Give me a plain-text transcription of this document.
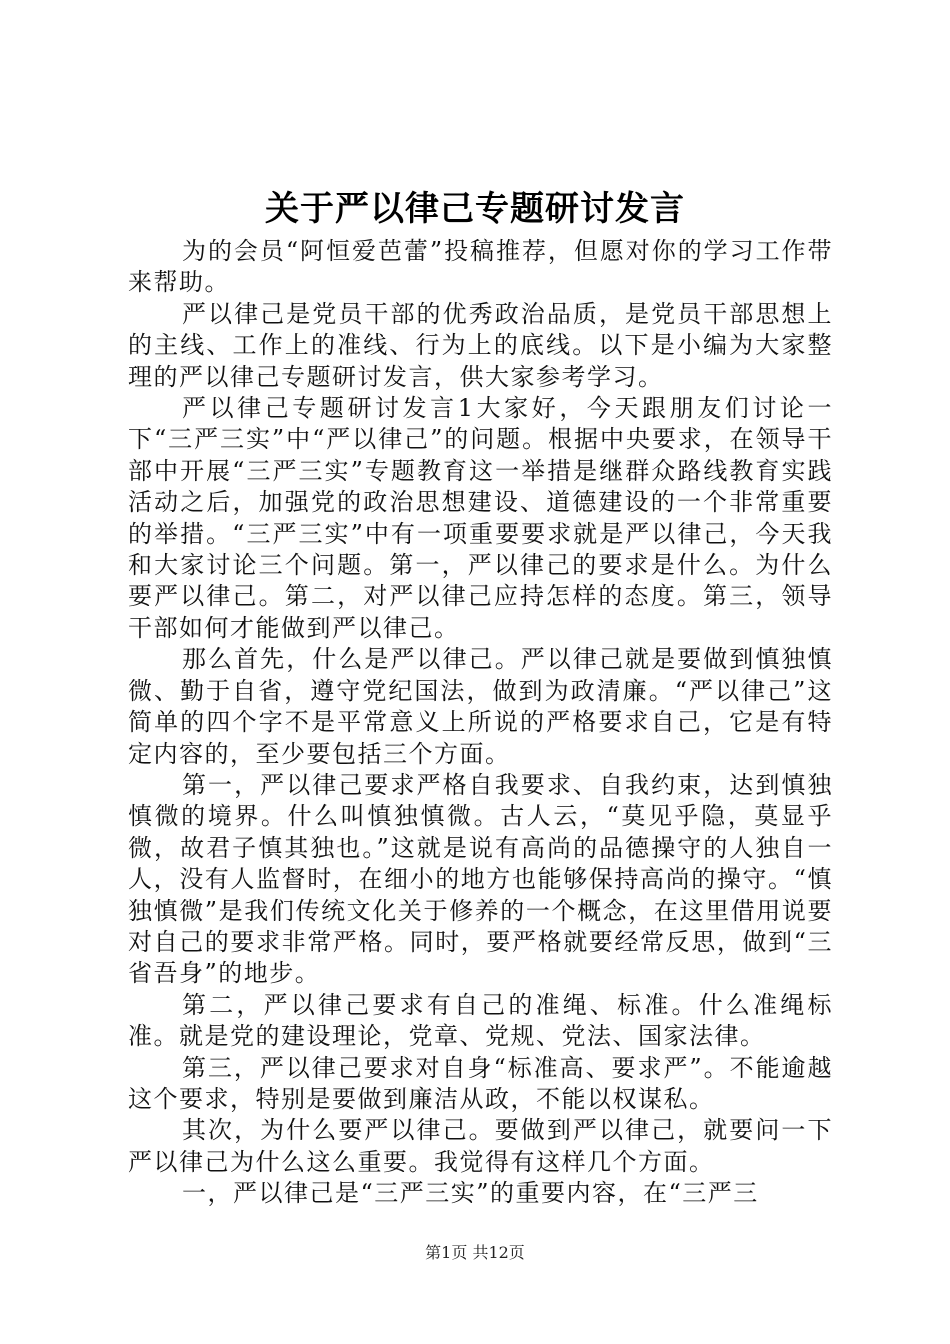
关于严以律己专题研讨发言

为的会员“阿恒爱芭蕾”投稿推荐，但愿对你的学习工作带来帮助。

严以律己是党员干部的优秀政治品质，是党员干部思想上的主线、工作上的准线、行为上的底线。以下是小编为大家整理的严以律己专题研讨发言，供大家参考学习。

严以律己专题研讨发言1大家好，今天跟朋友们讨论一下“三严三实”中“严以律己”的问题。根据中央要求，在领导干部中开展“三严三实”专题教育这一举措是继群众路线教育实践活动之后，加强党的政治思想建设、道德建设的一个非常重要的举措。“三严三实”中有一项重要要求就是严以律己，今天我和大家讨论三个问题。第一，严以律己的要求是什么。为什么要严以律己。第二，对严以律己应持怎样的态度。第三，领导干部如何才能做到严以律己。

那么首先，什么是严以律己。严以律己就是要做到慎独慎微、勤于自省，遵守党纪国法，做到为政清廉。“严以律己”这简单的四个字不是平常意义上所说的严格要求自己，它是有特定内容的，至少要包括三个方面。

第一，严以律己要求严格自我要求、自我约束，达到慎独慎微的境界。什么叫慎独慎微。古人云，“莫见乎隐，莫显乎微，故君子慎其独也。”这就是说有高尚的品德操守的人独自一人，没有人监督时，在细小的地方也能够保持高尚的操守。“慎独慎微”是我们传统文化关于修养的一个概念，在这里借用说要对自己的要求非常严格。同时，要严格就要经常反思，做到“三省吾身”的地步。

第二，严以律己要求有自己的准绳、标准。什么准绳标准。就是党的建设理论，党章、党规、党法、国家法律。

第三，严以律己要求对自身“标准高、要求严”。不能逾越这个要求，特别是要做到廉洁从政，不能以权谋私。

其次，为什么要严以律己。要做到严以律己，就要问一下严以律己为什么这么重要。我觉得有这样几个方面。

一，严以律己是“三严三实”的重要内容，在“三严三

第1页 共12页
